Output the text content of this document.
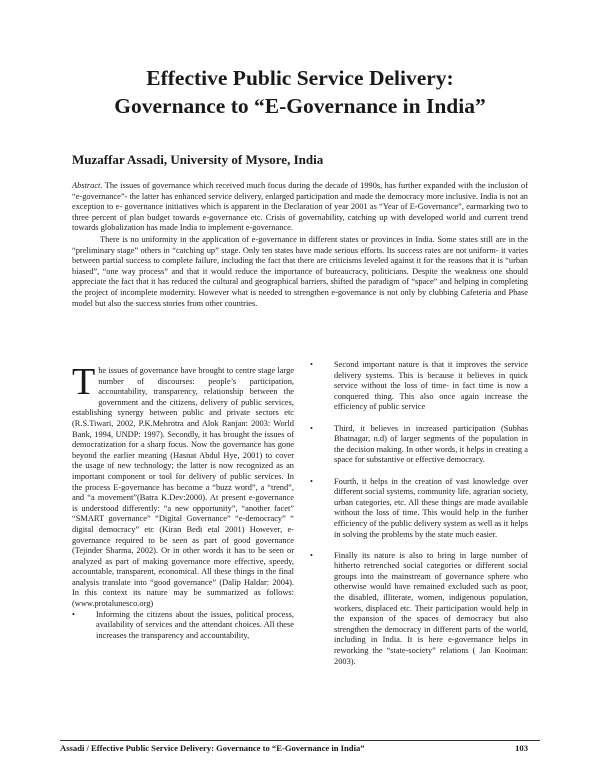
Effective Public Service Delivery:
Governance to “E-Governance in India”
Muzaffar Assadi, University of Mysore, India

Abstract. The issues of governance which received much focus during the decade of 1990s, has further expanded with the inclusion of “e-governance”- the latter has enhanced service delivery, enlarged participation and made the democracy more inclusive. India is not an exception to e- governance initiatives which is apparent in the Declaration of year 2001 as “Year of E-Governance”, earmarking two to three percent of plan budget towards e-governance etc. Crisis of governability, catching up with developed world and current trend towards globalization has made India to implement e-governance.

There is no uniformity in the application of e-governance in different states or provinces in India. Some states still are in the “preliminary stage” others in “catching up” stage. Only ten states have made serious efforts. Its success rates are not uniform- it varies between partial success to complete failure, including the fact that there are criticisms leveled against it for the reasons that it is “urban biased”, “one way process” and that it would reduce the importance of bureaucracy, politicians. Despite the weakness one should appreciate the fact that it has reduced the cultural and geographical barriers, shifted the paradigm of “space” and helping in completing the project of incomplete modernity. However what is needed to strengthen e-governance is not only by clubbing Cafeteria and Phase model but also the success stories from other countries.

The issues of governance have brought to centre stage large number of discourses: people’s participation, accountability, transparency, relationship between the government and the citizens, delivery of public services, establishing synergy between public and private sectors etc (R.S.Tiwari, 2002, P.K.Mehrotra and Alok Ranjan: 2003: World Bank, 1994, UNDP: 1997). Secondly, it has brought the issues of democratization for a sharp focus. Now the governance has gone beyond the earlier meaning (Hasnat Abdul Hye, 2001) to cover the usage of new technology; the latter is now recognized as an important component or tool for delivery of public services. In the process E-governance has become a “buzz word”, a “trend”, and “a movement”(Batra K.Dev:2000). At present e-governance is understood differently: “a new opportunity”, “another facet” “SMART governance” “Digital Governance” “e-democracy” “ digital democracy” etc (Kiran Bedi etal 2001) However, e-governance required to be seen as part of good governance (Tejinder Sharma, 2002). Or in other words it has to be seen or analyzed as part of making governance more effective, speedy, accountable, transparent, economical. All these things in the final analysis translate into “good governance” (Dalip Haldar: 2004). In this context its nature may be summarized as follows: (www.protalunesco.org)

•	Informing the citizens about the issues, political process, availability of services and the attendant choices. All these increases the transparency and accountability,
•	Second important nature is that it improves the service delivery systems. This is because it believes in quick service without the loss of time- in fact time is now a conquered thing. This also once again increase the efficiency of public service
•	Third, it believes in increased participation (Subhas Bhatnagar, n.d) of larger segments of the population in the decision making. In other words, it helps in creating a space for substantive or effective democracy.
•	Fourth, it helps in the creation of vast knowledge over different social systems, community life, agrarian society, urban categories, etc. All these things are made available without the loss of time. This would help in the further efficiency of the public delivery system as well as it helps in solving the problems by the state much easier.
•	Finally its nature is also to bring in large number of hitherto retrenched social categories or different social groups into the mainstream of governance sphere who otherwise would have remained excluded such as poor, the disabled, illiterate, women, indigenous population, workers, displaced etc. Their participation would help in the expansion of the spaces of democracy but also strengthen the democracy in different parts of the world, including in India. It is here e-governance helps in reworking the “state-society” relations ( Jan Kooiman: 2003).
Assadi / Effective Public Service Delivery: Governance to “E-Governance in India”	103
